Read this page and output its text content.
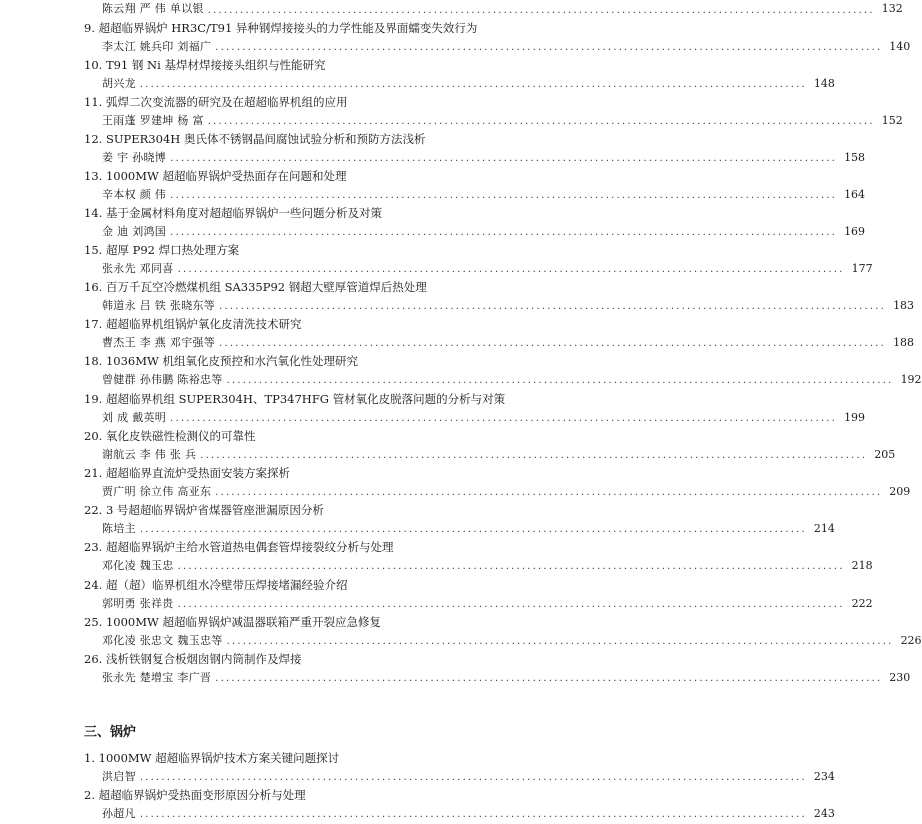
陈云翔 严 伟 单以银 ............................................................................................................................ 132
9. 超超临界锅炉 HR3C/T91 异种钢焊接接头的力学性能及界面蠕变失效行为
李太江 姚兵印 刘福广 ............................................................................................................................ 140
10. T91 钢 Ni 基焊材焊接接头组织与性能研究
胡兴龙 ............................................................................................................................ 148
11. 弧焊二次变流器的研究及在超超临界机组的应用
王雨蓬 罗建坤 杨 富 ............................................................................................................................ 152
12. SUPER304H 奥氏体不锈钢晶间腐蚀试验分析和预防方法浅析
姜 宇 孙晓博 ............................................................................................................................ 158
13. 1000MW 超超临界锅炉受热面存在问题和处理
辛本权 颜 伟 ............................................................................................................................ 164
14. 基于金属材料角度对超超临界锅炉一些问题分析及对策
金 迪 刘鸿国 ............................................................................................................................ 169
15. 超厚 P92 焊口热处理方案
张永先 邓同喜 ............................................................................................................................ 177
16. 百万千瓦空冷燃煤机组 SA335P92 钢超大壁厚管道焊后热处理
韩道永 吕 铁 张晓东等 ............................................................................................................................ 183
17. 超超临界机组锅炉氧化皮清洗技术研究
曹杰王 李 燕 邓宇强等 ............................................................................................................................ 188
18. 1036MW 机组氧化皮预控和水汽氧化性处理研究
曾健群 孙伟鹏 陈裕忠等 ............................................................................................................................ 192
19. 超超临界机组 SUPER304H、TP347HFG 管材氧化皮脱落问题的分析与对策
刘 成 戴英明 ............................................................................................................................ 199
20. 氧化皮铁磁性检测仪的可靠性
谢航云 李 伟 张 兵 ............................................................................................................................ 205
21. 超超临界直流炉受热面安装方案探析
贾广明 徐立伟 高亚东 ............................................................................................................................ 209
22. 3 号超超临界锅炉省煤器管座泄漏原因分析
陈培主 ............................................................................................................................ 214
23. 超超临界锅炉主给水管道热电偶套管焊接裂纹分析与处理
邓化凌 魏玉忠 ............................................................................................................................ 218
24. 超（超）临界机组水冷壁带压焊接堵漏经验介绍
郭明勇 张祥贵 ............................................................................................................................ 222
25. 1000MW 超超临界锅炉减温器联箱严重开裂应急修复
邓化凌 张忠文 魏玉忠等 ............................................................................................................................ 226
26. 浅析铁钢复合板烟囱钢内筒制作及焊接
张永先 楚增宝 李广晋 ............................................................................................................................ 230
三、锅炉
1. 1000MW 超超临界锅炉技术方案关键问题探讨
洪启智 ............................................................................................................................ 234
2. 超超临界锅炉受热面变形原因分析与处理
孙超凡 ............................................................................................................................ 243
